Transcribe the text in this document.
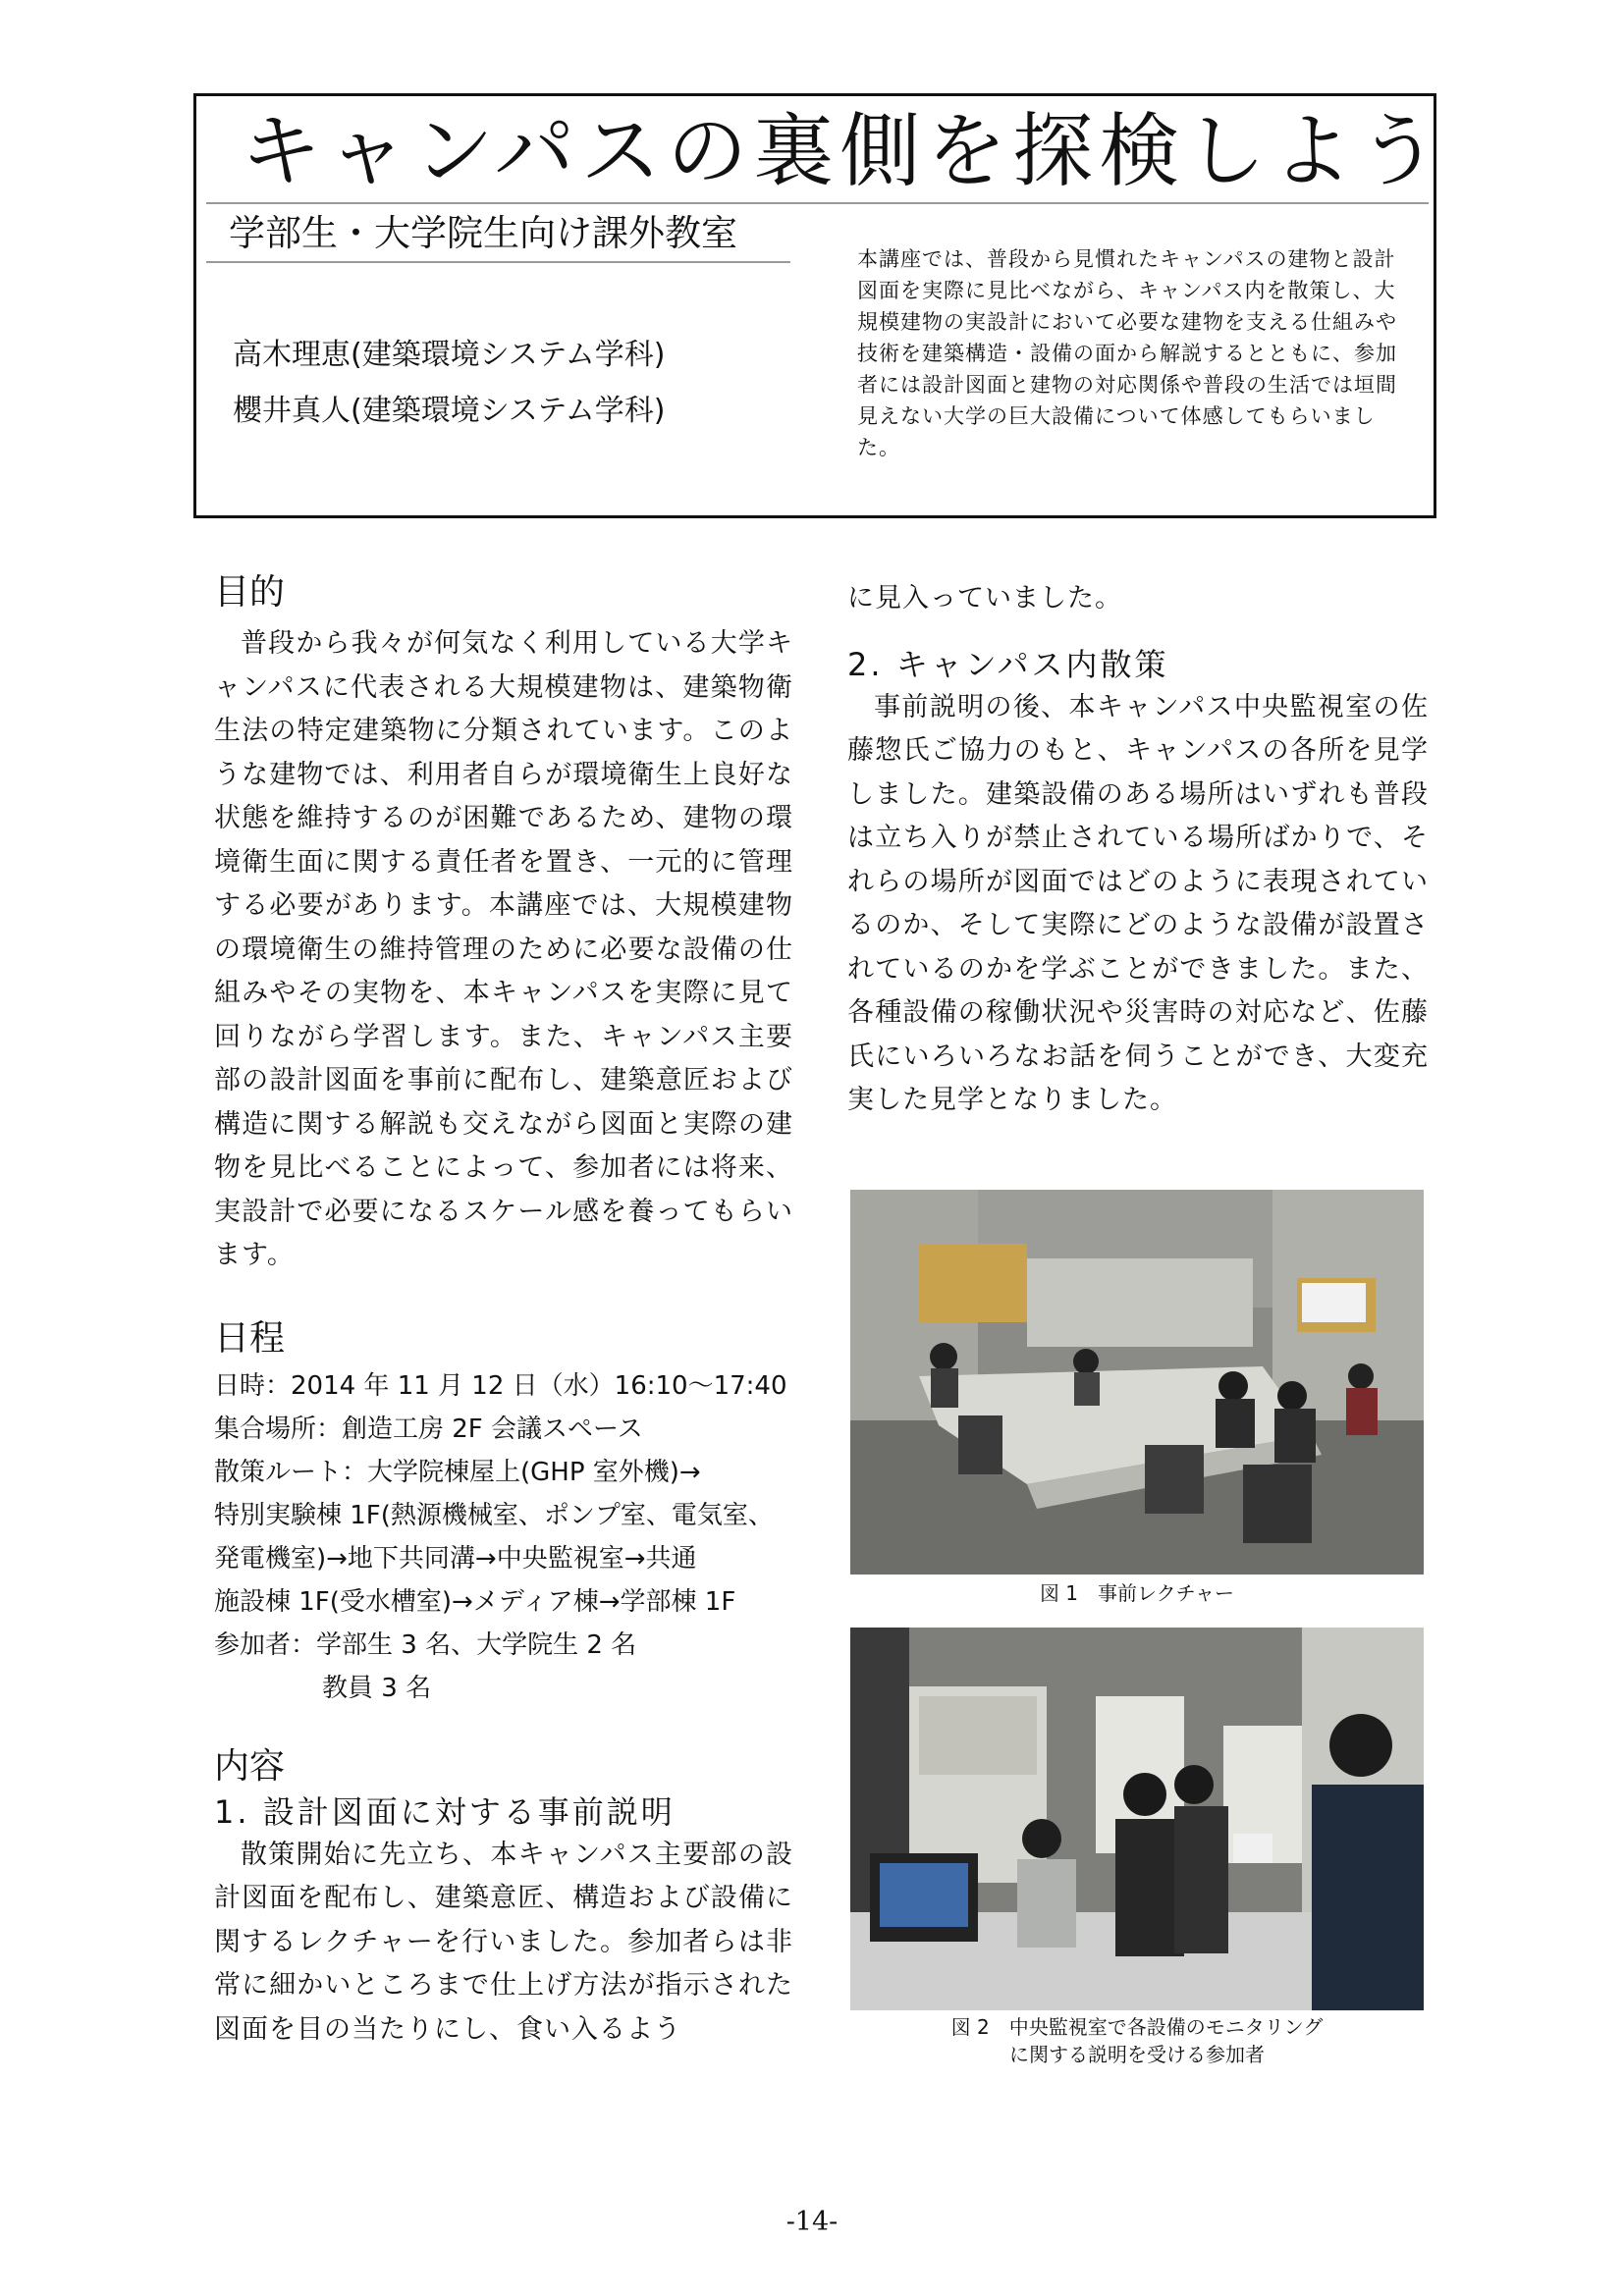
キャンパスの裏側を探検しよう
学部生・大学院生向け課外教室
高木理恵(建築環境システム学科)
櫻井真人(建築環境システム学科)

本講座では、普段から見慣れたキャンパスの建物と設計図面を実際に見比べながら、キャンパス内を散策し、大規模建物の実設計において必要な建物を支える仕組みや技術を建築構造・設備の面から解説するとともに、参加者には設計図面と建物の対応関係や普段の生活では垣間見えない大学の巨大設備について体感してもらいました。

目的

普段から我々が何気なく利用している大学キャンパスに代表される大規模建物は、建築物衛生法の特定建築物に分類されています。このような建物では、利用者自らが環境衛生上良好な状態を維持するのが困難であるため、建物の環境衛生面に関する責任者を置き、一元的に管理する必要があります。本講座では、大規模建物の環境衛生の維持管理のために必要な設備の仕組みやその実物を、本キャンパスを実際に見て回りながら学習します。また、キャンパス主要部の設計図面を事前に配布し、建築意匠および構造に関する解説も交えながら図面と実際の建物を見比べることによって、参加者には将来、実設計で必要になるスケール感を養ってもらいます。

日程

日時：2014 年 11 月 12 日（水）16:10～17:40

集合場所：創造工房 2F 会議スペース

散策ルート：大学院棟屋上(GHP 室外機)→

特別実験棟 1F(熱源機械室、ポンプ室、電気室、

発電機室)→地下共同溝→中央監視室→共通

施設棟 1F(受水槽室)→メディア棟→学部棟 1F

参加者：学部生 3 名、大学院生 2 名

教員 3 名

内容
1. 設計図面に対する事前説明

散策開始に先立ち、本キャンパス主要部の設計図面を配布し、建築意匠、構造および設備に関するレクチャーを行いました。参加者らは非常に細かいところまで仕上げ方法が指示された図面を目の当たりにし、食い入るよう

に見入っていました。

2. キャンパス内散策

事前説明の後、本キャンパス中央監視室の佐藤惣氏ご協力のもと、キャンパスの各所を見学しました。建築設備のある場所はいずれも普段は立ち入りが禁止されている場所ばかりで、それらの場所が図面ではどのように表現されているのか、そして実際にどのような設備が設置されているのかを学ぶことができました。また、各種設備の稼働状況や災害時の対応など、佐藤氏にいろいろなお話を伺うことができ、大変充実した見学となりました。

図 1　事前レクチャー

図 2　中央監視室で各設備のモニタリング

に関する説明を受ける参加者

-14-
